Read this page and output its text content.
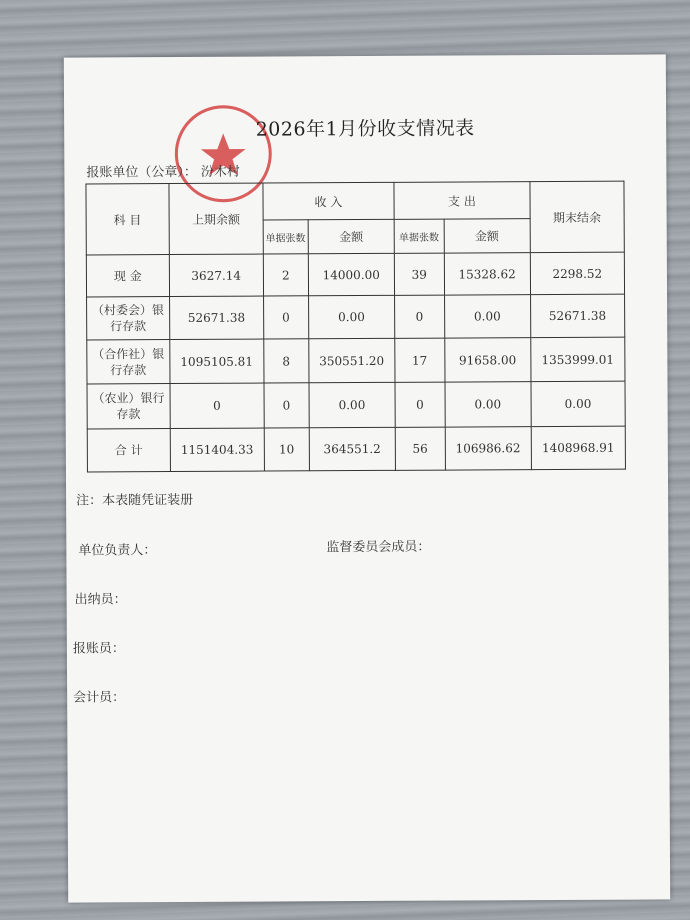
2026年1月份收支情况表
报账单位（公章）： 汾木村
科 目	上期余额	收 入		支 出		期末结余
		单据张数	金额	单据张数	金额	
现 金	3627.14	2	14000.00	39	15328.62	2298.52
（村委会）银行存款	52671.38	0	0.00	0	0.00	52671.38
（合作社）银行存款	1095105.81	8	350551.20	17	91658.00	1353999.01
（农业）银行存款	0	0	0.00	0	0.00	0.00
合 计	1151404.33	10	364551.2	56	106986.62	1408968.91
注：本表随凭证装册
单位负责人：	监督委员会成员：
出纳员：
报账员：
会计员：
